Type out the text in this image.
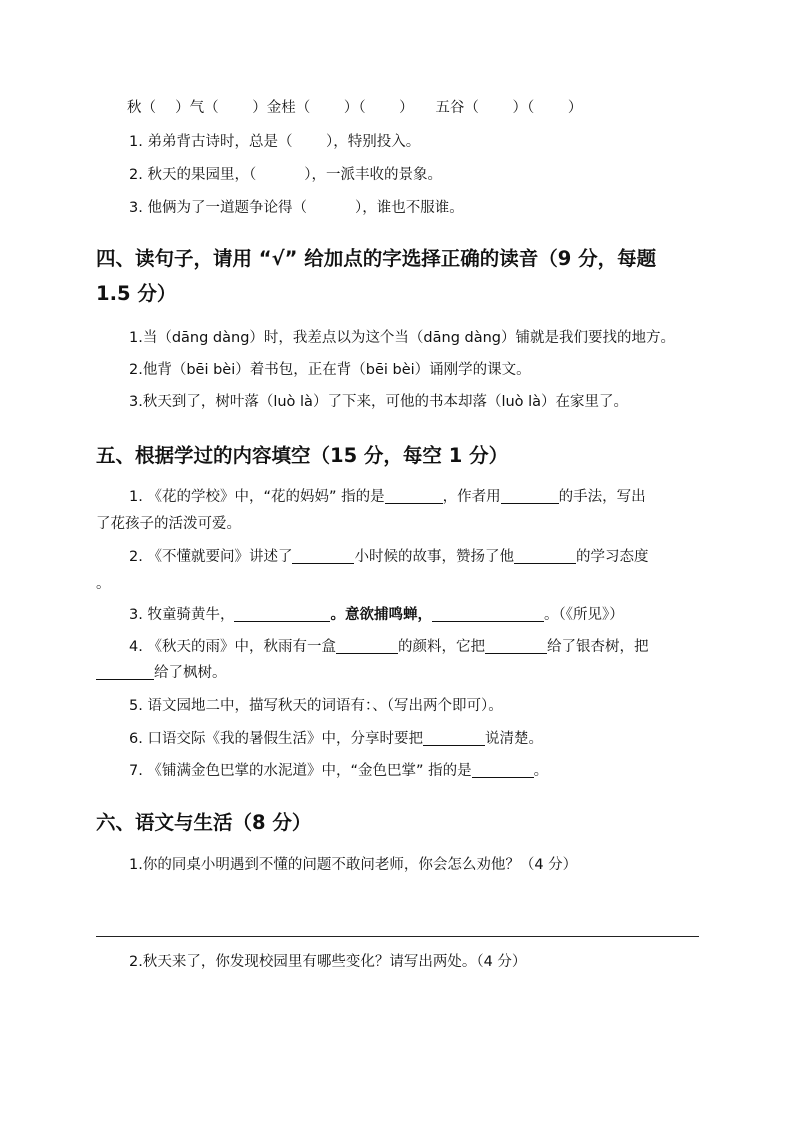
秋（　 ）气（　　 ）金桂（　　 ）（　　 ）　　五谷（　　 ）（　　 ）
1. 弟弟背古诗时，总是（　　 ），特别投入。
2. 秋天的果园里，（　　　 ），一派丰收的景象。
3. 他俩为了一道题争论得（　　　 ），谁也不服谁。
四、读句子，请用 “√” 给加点的字选择正确的读音（9 分，每题
1.5 分）
1.当（dāng dàng）时，我差点以为这个当（dāng dàng）铺就是我们要找的地方。
2.他背（bēi bèi）着书包，正在背（bēi bèi）诵刚学的课文。
3.秋天到了，树叶落（luò là）了下来，可他的书本却落（luò là）在家里了。
五、根据学过的内容填空（15 分，每空 1 分）
1. 《花的学校》中，“花的妈妈” 指的是	，作者用	的手法，写出
了花孩子的活泼可爱。
2. 《不懂就要问》讲述了	小时候的故事，赞扬了他	的学习态度
。
3. 牧童骑黄牛，	。意欲捕鸣蝉，	。（《所见》）
4. 《秋天的雨》中，秋雨有一盒	的颜料，它把	给了银杏树，把
给了枫树。
5. 语文园地二中，描写秋天的词语有：、（写出两个即可）。
6. 口语交际《我的暑假生活》中，分享时要把	说清楚。
7. 《铺满金色巴掌的水泥道》中，“金色巴掌” 指的是	。
六、语文与生活（8 分）
1.你的同桌小明遇到不懂的问题不敢问老师，你会怎么劝他？（4 分）
2.秋天来了，你发现校园里有哪些变化？请写出两处。（4 分）
